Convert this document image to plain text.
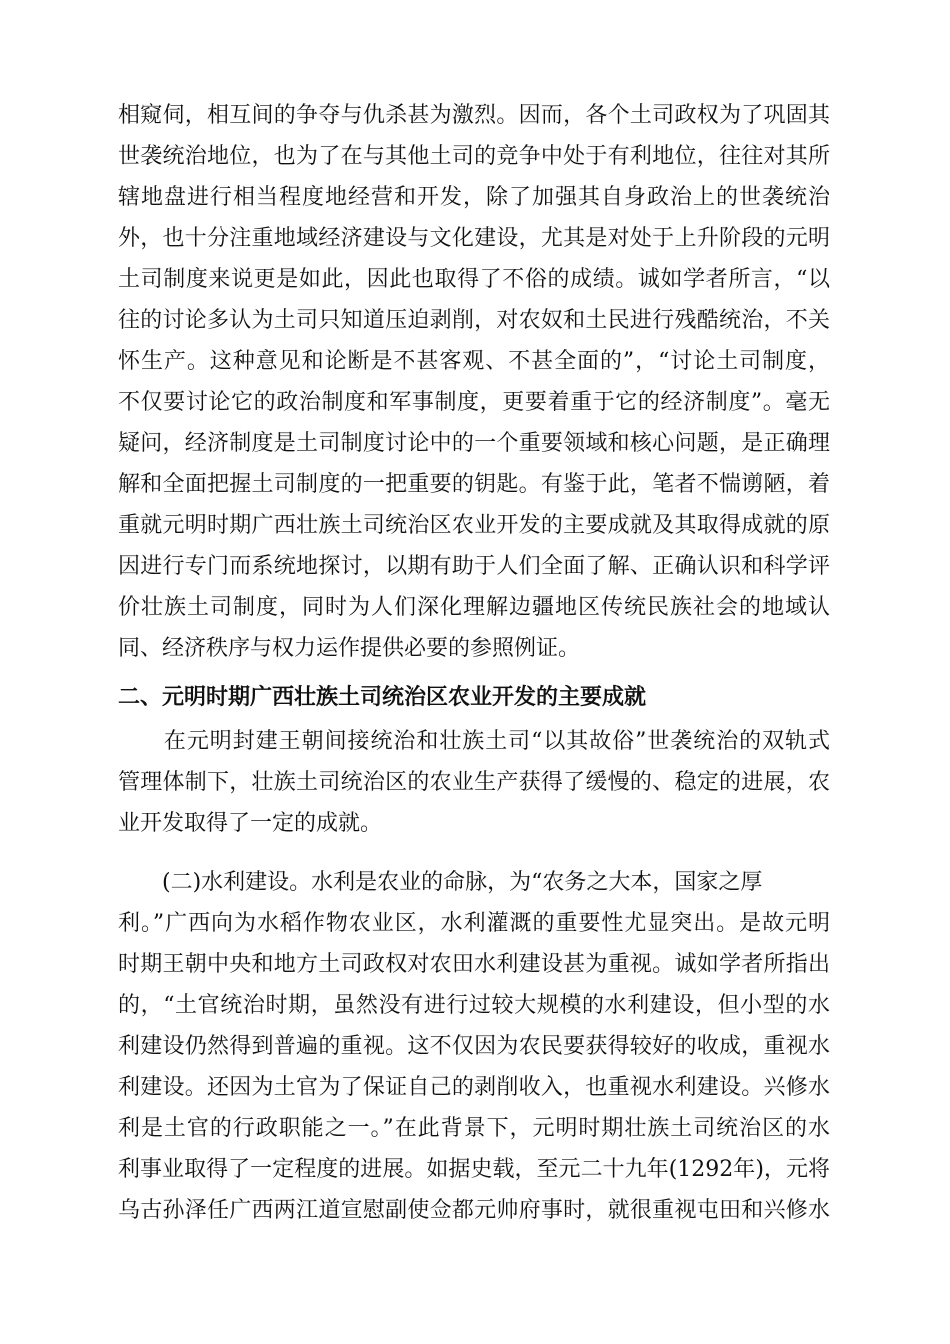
相窥伺，相互间的争夺与仇杀甚为激烈。因而，各个土司政权为了巩固其
世袭统治地位，也为了在与其他土司的竞争中处于有利地位，往往对其所
辖地盘进行相当程度地经营和开发，除了加强其自身政治上的世袭统治
外，也十分注重地域经济建设与文化建设，尤其是对处于上升阶段的元明
土司制度来说更是如此，因此也取得了不俗的成绩。诚如学者所言，“以
往的讨论多认为土司只知道压迫剥削，对农奴和土民进行残酷统治，不关
怀生产。这种意见和论断是不甚客观、不甚全面的”，“讨论土司制度，
不仅要讨论它的政治制度和军事制度，更要着重于它的经济制度”。毫无
疑问，经济制度是土司制度讨论中的一个重要领域和核心问题，是正确理
解和全面把握土司制度的一把重要的钥匙。有鉴于此，笔者不惴谫陋，着
重就元明时期广西壮族土司统治区农业开发的主要成就及其取得成就的原
因进行专门而系统地探讨，以期有助于人们全面了解、正确认识和科学评
价壮族土司制度，同时为人们深化理解边疆地区传统民族社会的地域认
同、经济秩序与权力运作提供必要的参照例证。
二、元明时期广西壮族土司统治区农业开发的主要成就
　　在元明封建王朝间接统治和壮族土司“以其故俗”世袭统治的双轨式
管理体制下，壮族土司统治区的农业生产获得了缓慢的、稳定的进展，农
业开发取得了一定的成就。
　　(二)水利建设。水利是农业的命脉，为“农务之大本，国家之厚
利。”广西向为水稻作物农业区，水利灌溉的重要性尤显突出。是故元明
时期王朝中央和地方土司政权对农田水利建设甚为重视。诚如学者所指出
的，“土官统治时期，虽然没有进行过较大规模的水利建设，但小型的水
利建设仍然得到普遍的重视。这不仅因为农民要获得较好的收成，重视水
利建设。还因为土官为了保证自己的剥削收入，也重视水利建设。兴修水
利是土官的行政职能之一。”在此背景下，元明时期壮族土司统治区的水
利事业取得了一定程度的进展。如据史载，至元二十九年(1292年)，元将
乌古孙泽任广西两江道宣慰副使佥都元帅府事时，就很重视屯田和兴修水
